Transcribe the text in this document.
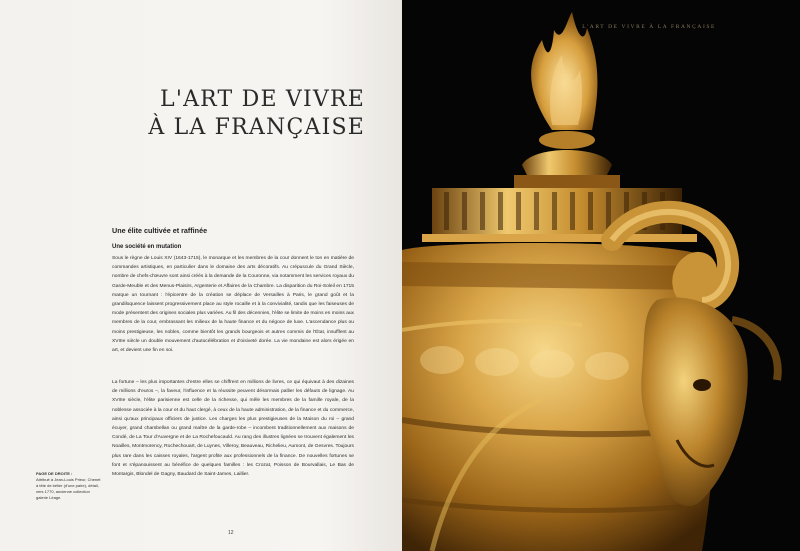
L'ART DE VIVRE
À LA FRANÇAISE
Une élite cultivée et raffinée
Une société en mutation

Sous le règne de Louis XIV (1643-1715), le monarque et les membres de la cour donnent le ton en matière de commandes artistiques, en particulier dans le domaine des arts décoratifs. Au crépuscule du Grand Siècle, nombre de chefs-d'œuvre sont ainsi créés à la demande de la Couronne, via notamment les services royaux du Garde-Meuble et des Menus-Plaisirs, Argenterie et Affaires de la Chambre. La disparition du Roi-Soleil en 1715 marque un tournant : l'épicentre de la création se déplace de Versailles à Paris, le grand goût et la grandiloquence laissent progressivement place au style rocaille et à la convivialité, tandis que les faiseuses de mode présentent des origines sociales plus variées. Au fil des décennies, l'élite se limite de moins en moins aux membres de la cour, embrassant les milieux de la haute finance et du négoce de luxe. L'ascendance plus ou moins prestigieuse, les nobles, comme bientôt les grands bourgeois et autres commis de l'État, insufflent au XVIIIe siècle un double mouvement d'autocélébration et d'oisiveté dorée. La vie mondaine est alors érigée en art, et devient une fin en soi.

La fortune – les plus importantes d'entre elles se chiffrent en millions de livres, ce qui équivaut à des dizaines de millions d'euros –, la faveur, l'influence et la réussite peuvent désormais pallier les défauts de lignage. Au XVIIIe siècle, l'élite parisienne est celle de la richesse, qui mêle les membres de la famille royale, de la noblesse associée à la cour et du haut clergé, à ceux de la haute administration, de la finance et du commerce, ainsi qu'aux principaux officiers de justice. Les charges les plus prestigieuses de la Maison du roi – grand écuyer, grand chambellan ou grand maître de la garde-robe – incombent traditionnellement aux maisons de Condé, de La Tour d'Auvergne et de La Rochefoucauld. Au rang des illustres lignées se trouvent également les Noailles, Montmorency, Rochechouart, de Luynes, Villeroy, Beauveau, Richelieu, Aumont, de Gesvres. Toujours plus rare dans les caisses royales, l'argent profite aux professionnels de la finance. De nouvelles fortunes se font et s'épanouissent au bénéfice de quelques familles : les Crozat, Poisson de Bourvallais, Le Bas de Montargis, Blondel de Gagny, Baudard de Saint-James, Laillier.

PAGE DE DROITE :
Attribué à Jean-Louis Prieur, Chenet à tête de bélier (d'une paire), détail, vers 1770, ancienne collection galerie Léage.

12

L'ART DE VIVRE À LA FRANÇAISE
